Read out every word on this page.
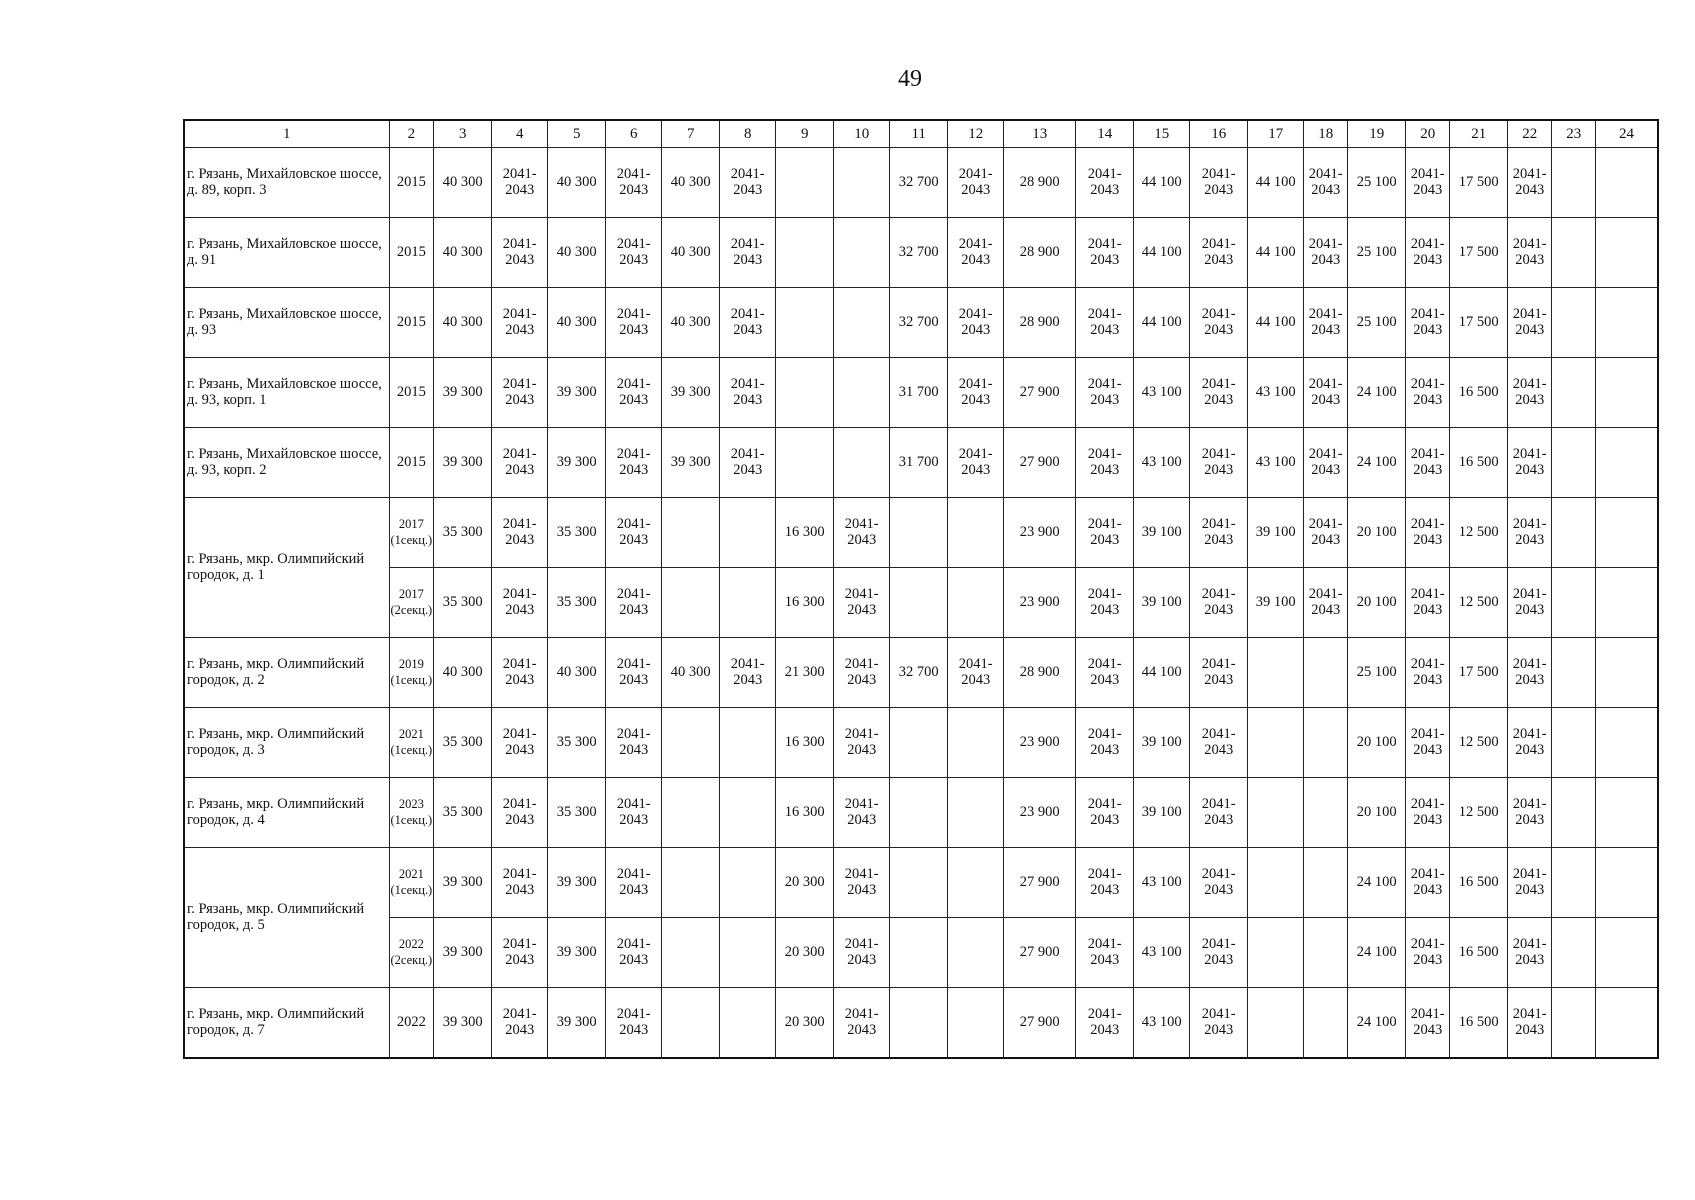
49
1	2	3	4	5	6	7	8	9	10	11	12	13	14	15	16	17	18	19	20	21	22	23	24
г. Рязань, Михайловское шоссе, д. 89, корп. 3	2015	40 300	2041-2043	40 300	2041-2043	40 300	2041-2043			32 700	2041-2043	28 900	2041-2043	44 100	2041-2043	44 100	2041-2043	25 100	2041-2043	17 500	2041-2043		
г. Рязань, Михайловское шоссе, д. 91	2015	40 300	2041-2043	40 300	2041-2043	40 300	2041-2043			32 700	2041-2043	28 900	2041-2043	44 100	2041-2043	44 100	2041-2043	25 100	2041-2043	17 500	2041-2043		
г. Рязань, Михайловское шоссе, д. 93	2015	40 300	2041-2043	40 300	2041-2043	40 300	2041-2043			32 700	2041-2043	28 900	2041-2043	44 100	2041-2043	44 100	2041-2043	25 100	2041-2043	17 500	2041-2043		
г. Рязань, Михайловское шоссе, д. 93, корп. 1	2015	39 300	2041-2043	39 300	2041-2043	39 300	2041-2043			31 700	2041-2043	27 900	2041-2043	43 100	2041-2043	43 100	2041-2043	24 100	2041-2043	16 500	2041-2043		
г. Рязань, Михайловское шоссе, д. 93, корп. 2	2015	39 300	2041-2043	39 300	2041-2043	39 300	2041-2043			31 700	2041-2043	27 900	2041-2043	43 100	2041-2043	43 100	2041-2043	24 100	2041-2043	16 500	2041-2043		
г. Рязань, мкр. Олимпийский городок, д. 1	2017 (1секц.)	35 300	2041-2043	35 300	2041-2043			16 300	2041-2043			23 900	2041-2043	39 100	2041-2043	39 100	2041-2043	20 100	2041-2043	12 500	2041-2043		
	2017 (2секц.)	35 300	2041-2043	35 300	2041-2043			16 300	2041-2043			23 900	2041-2043	39 100	2041-2043	39 100	2041-2043	20 100	2041-2043	12 500	2041-2043		
г. Рязань, мкр. Олимпийский городок, д. 2	2019 (1секц.)	40 300	2041-2043	40 300	2041-2043	40 300	2041-2043	21 300	2041-2043	32 700	2041-2043	28 900	2041-2043	44 100	2041-2043			25 100	2041-2043	17 500	2041-2043		
г. Рязань, мкр. Олимпийский городок, д. 3	2021 (1секц.)	35 300	2041-2043	35 300	2041-2043			16 300	2041-2043			23 900	2041-2043	39 100	2041-2043			20 100	2041-2043	12 500	2041-2043		
г. Рязань, мкр. Олимпийский городок, д. 4	2023 (1секц.)	35 300	2041-2043	35 300	2041-2043			16 300	2041-2043			23 900	2041-2043	39 100	2041-2043			20 100	2041-2043	12 500	2041-2043		
г. Рязань, мкр. Олимпийский городок, д. 5	2021 (1секц.)	39 300	2041-2043	39 300	2041-2043			20 300	2041-2043			27 900	2041-2043	43 100	2041-2043			24 100	2041-2043	16 500	2041-2043		
	2022 (2секц.)	39 300	2041-2043	39 300	2041-2043			20 300	2041-2043			27 900	2041-2043	43 100	2041-2043			24 100	2041-2043	16 500	2041-2043		
г. Рязань, мкр. Олимпийский городок, д. 7	2022	39 300	2041-2043	39 300	2041-2043			20 300	2041-2043			27 900	2041-2043	43 100	2041-2043			24 100	2041-2043	16 500	2041-2043		
